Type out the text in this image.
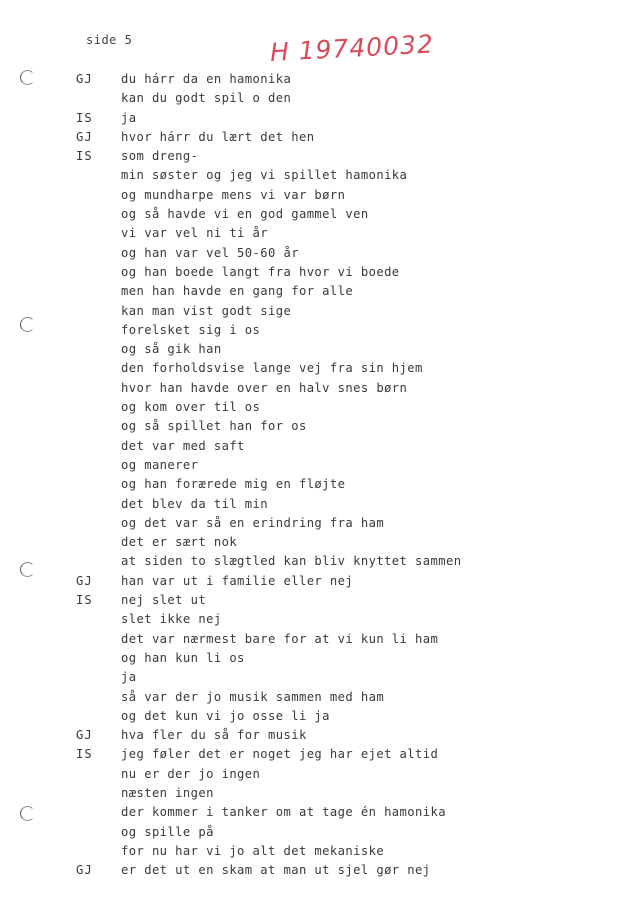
side 5	H 19740032
GJ du hárr da en hamonika
kan du godt spil o den
IS ja
GJ hvor hárr du lært det hen
IS som dreng-
min søster og jeg vi spillet hamonika
og mundharpe mens vi var børn
og så havde vi en god gammel ven
vi var vel ni ti år
og han var vel 50-60 år
og han boede langt fra hvor vi boede
men han havde en gang for alle
kan man vist godt sige
forelsket sig i os
og så gik han
den forholdsvise lange vej fra sin hjem
hvor han havde over en halv snes børn
og kom over til os
og så spillet han for os
det var med saft
og manerer
og han forærede mig en fløjte
det blev da til min
og det var så en erindring fra ham
det er sært nok
at siden to slægtled kan bliv knyttet sammen
GJ han var ut i familie eller nej
IS nej slet ut
slet ikke nej
det var nærmest bare for at vi kun li ham
og han kun li os
ja
så var der jo musik sammen med ham
og det kun vi jo osse li ja
GJ hva fler du så for musik
IS jeg føler det er noget jeg har ejet altid
nu er der jo ingen
næsten ingen
der kommer i tanker om at tage én hamonika
og spille på
for nu har vi jo alt det mekaniske
GJ er det ut en skam at man ut sjel gør nej
